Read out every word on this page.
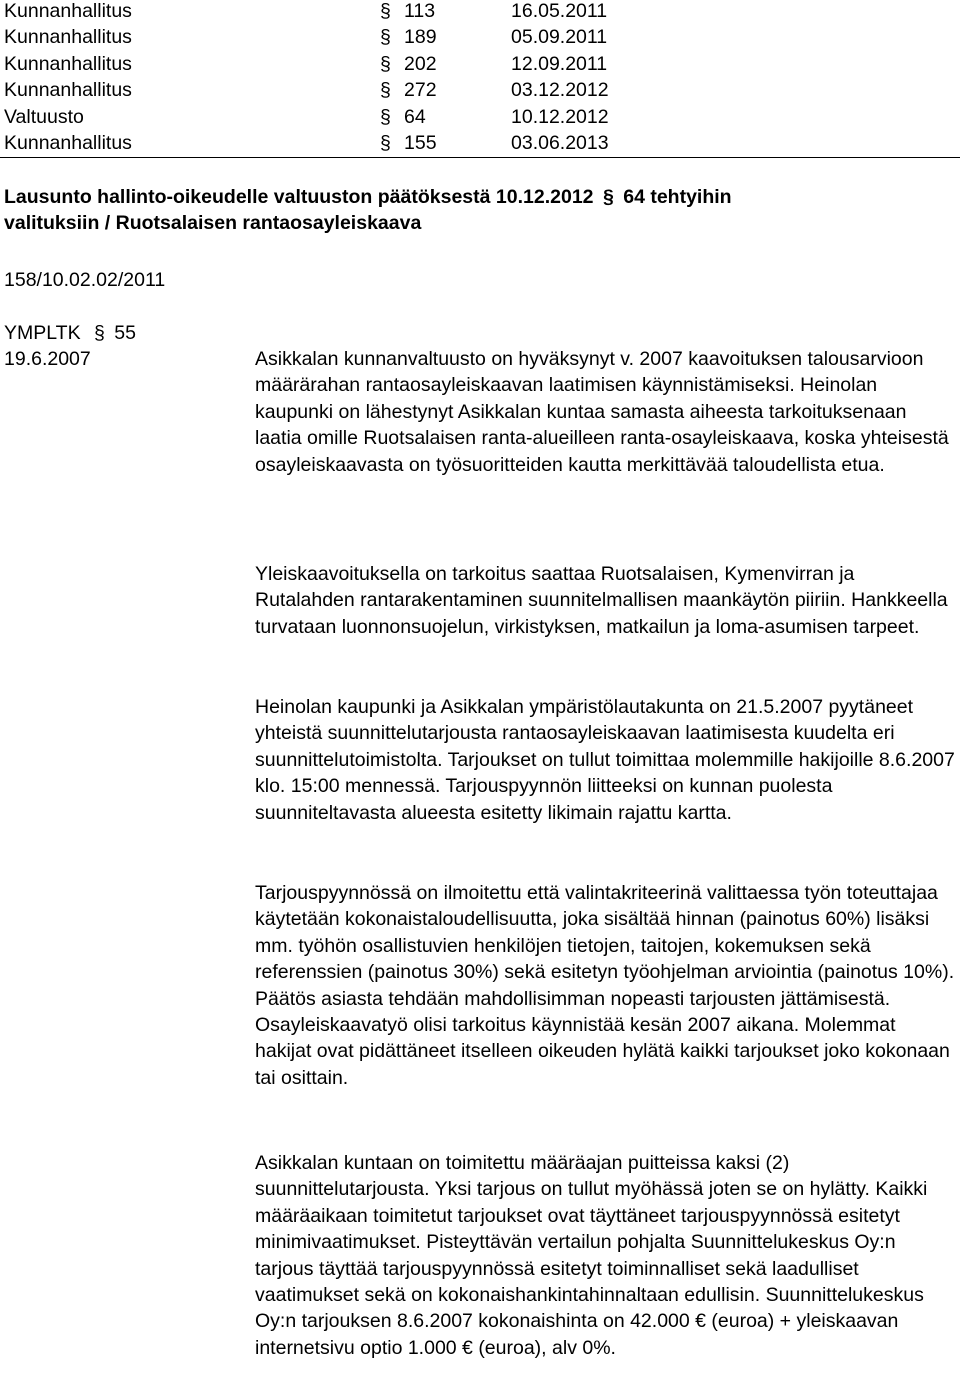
Kunnanhallitus	§ 113	16.05.2011
Kunnanhallitus	§ 189	05.09.2011
Kunnanhallitus	§ 202	12.09.2011
Kunnanhallitus	§ 272	03.12.2012
Valtuusto	§ 64	10.12.2012
Kunnanhallitus	§ 155	03.06.2013
Lausunto hallinto-oikeudelle valtuuston päätöksestä 10.12.2012 § 64 tehtyihin
valituksiin / Ruotsalaisen rantaosayleiskaava
158/10.02.02/2011
YMPLTK § 55
19.6.2007	Asikkalan kunnanvaltuusto on hyväksynyt v. 2007 kaavoituksen talousarvioon määrärahan rantaosayleiskaavan laatimisen käynnistämiseksi. Heinolan kaupunki on lähestynyt Asikkalan kuntaa samasta aiheesta tarkoituksenaan laatia omille Ruotsalaisen ranta-alueilleen ranta-osayleiskaava, koska yhteisestä osayleiskaavasta on työsuoritteiden kautta merkittävää taloudellista etua.

Yleiskaavoituksella on tarkoitus saattaa Ruotsalaisen, Kymenvirran ja Rutalahden rantarakentaminen suunnitelmallisen maankäytön piiriin. Hankkeella turvataan luonnonsuojelun, virkistyksen, matkailun ja loma-asumisen tarpeet.

Heinolan kaupunki ja Asikkalan ympäristölautakunta on 21.5.2007 pyytäneet yhteistä suunnittelutarjousta rantaosayleiskaavan laatimisesta kuudelta eri suunnittelutoimistolta. Tarjoukset on tullut toimittaa molemmille hakijoille 8.6.2007 klo. 15:00 mennessä. Tarjouspyynnön liitteeksi on kunnan puolesta suunniteltavasta alueesta esitetty likimain rajattu kartta.

Tarjouspyynnössä on ilmoitettu että valintakriteerinä valittaessa työn toteuttajaa käytetään kokonaistaloudellisuutta, joka sisältää hinnan (painotus 60%) lisäksi mm. työhön osallistuvien henkilöjen tietojen, taitojen, kokemuksen sekä referenssien (painotus 30%) sekä esitetyn työohjelman arviointia (painotus 10%). Päätös asiasta tehdään mahdollisimman nopeasti tarjousten jättämisestä. Osayleiskaavatyö olisi tarkoitus käynnistää kesän 2007 aikana. Molemmat hakijat ovat pidättäneet itselleen oikeuden hylätä kaikki tarjoukset joko kokonaan tai osittain.

Asikkalan kuntaan on toimitettu määräajan puitteissa kaksi (2) suunnittelutarjousta. Yksi tarjous on tullut myöhässä joten se on hylätty. Kaikki määräaikaan toimitetut tarjoukset ovat täyttäneet tarjouspyynnössä esitetyt minimivaatimukset. Pisteyttävän vertailun pohjalta Suunnittelukeskus Oy:n tarjous täyttää tarjouspyynnössä esitetyt toiminnalliset sekä laadulliset vaatimukset sekä on kokonaishankintahinnaltaan edullisin. Suunnittelukeskus Oy:n tarjouksen 8.6.2007 kokonaishinta on 42.000 € (euroa) + yleiskaavan internetsivu optio 1.000 € (euroa), alv 0%.
